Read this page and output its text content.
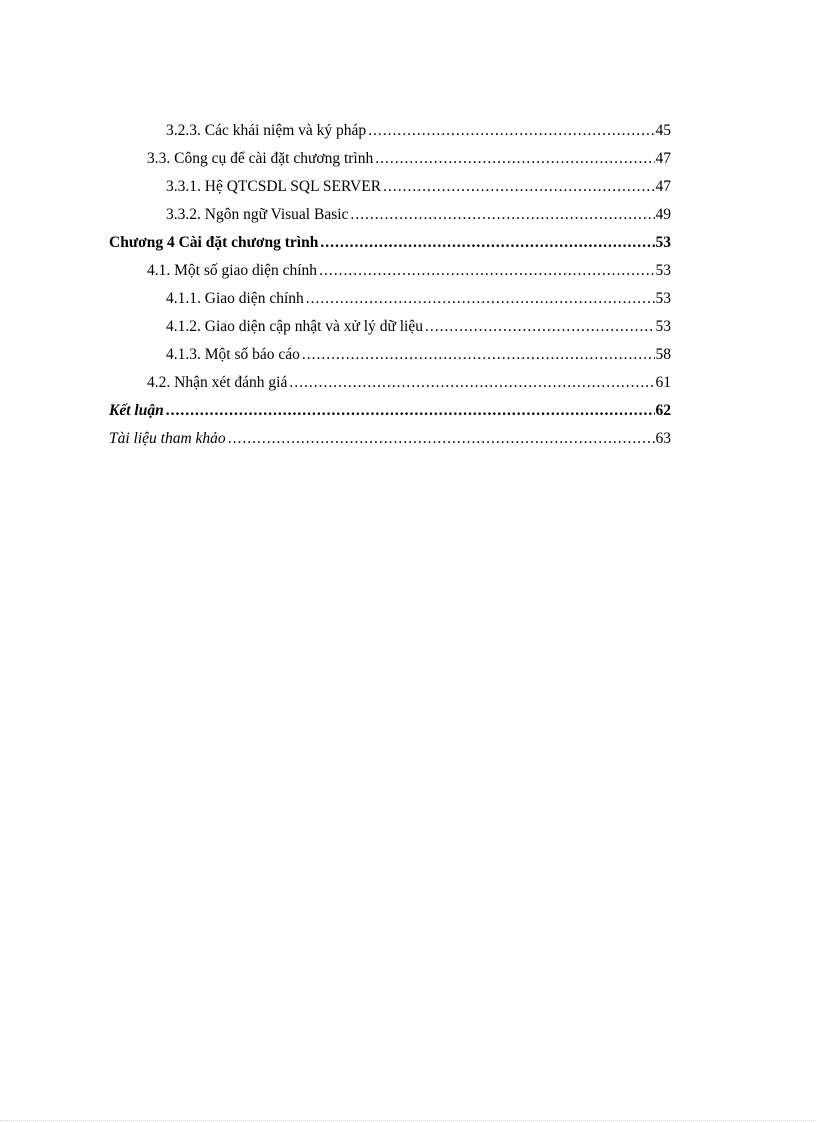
3.2.3. Các khái niệm và ký pháp .....	45
3.3. Công cụ để cài đặt chương trình .....	47
3.3.1. Hệ QTCSDL SQL SERVER .....	47
3.3.2. Ngôn ngữ Visual Basic .....	49
Chương 4 Cài đặt chương trình .....	53
4.1. Một số giao diện chính .....	53
4.1.1. Giao diện chính .....	53
4.1.2. Giao diện cập nhật và xử lý dữ liệu .....	53
4.1.3. Một số báo cáo .....	58
4.2. Nhận xét đánh giá .....	61
Kết luận .....	62
Tài liệu tham khảo .....	63
